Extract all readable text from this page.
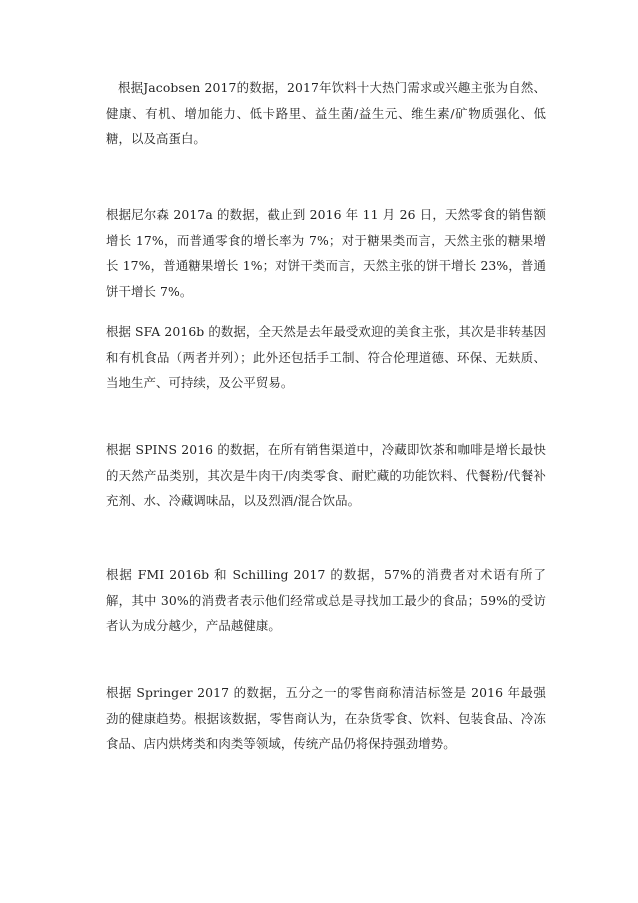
根据Jacobsen 2017的数据，2017年饮料十大热门需求或兴趣主张为自然、健康、有机、增加能力、低卡路里、益生菌/益生元、维生素/矿物质强化、低糖，以及高蛋白。

根据尼尔森 2017a 的数据，截止到 2016 年 11 月 26 日，天然零食的销售额增长 17%，而普通零食的增长率为 7%；对于糖果类而言，天然主张的糖果增长 17%，普通糖果增长 1%；对饼干类而言，天然主张的饼干增长 23%，普通饼干增长 7%。

根据 SFA 2016b 的数据，全天然是去年最受欢迎的美食主张，其次是非转基因和有机食品（两者并列）；此外还包括手工制、符合伦理道德、环保、无麸质、当地生产、可持续，及公平贸易。

根据 SPINS 2016 的数据，在所有销售渠道中，冷藏即饮茶和咖啡是增长最快的天然产品类别，其次是牛肉干/肉类零食、耐贮藏的功能饮料、代餐粉/代餐补充剂、水、冷藏调味品，以及烈酒/混合饮品。

根据 FMI 2016b 和 Schilling 2017 的数据，57%的消费者对术语有所了解，其中 30%的消费者表示他们经常或总是寻找加工最少的食品；59%的受访者认为成分越少，产品越健康。

根据 Springer 2017 的数据，五分之一的零售商称清洁标签是 2016 年最强劲的健康趋势。根据该数据，零售商认为，在杂货零食、饮料、包装食品、冷冻食品、店内烘烤类和肉类等领域，传统产品仍将保持强劲增势。
